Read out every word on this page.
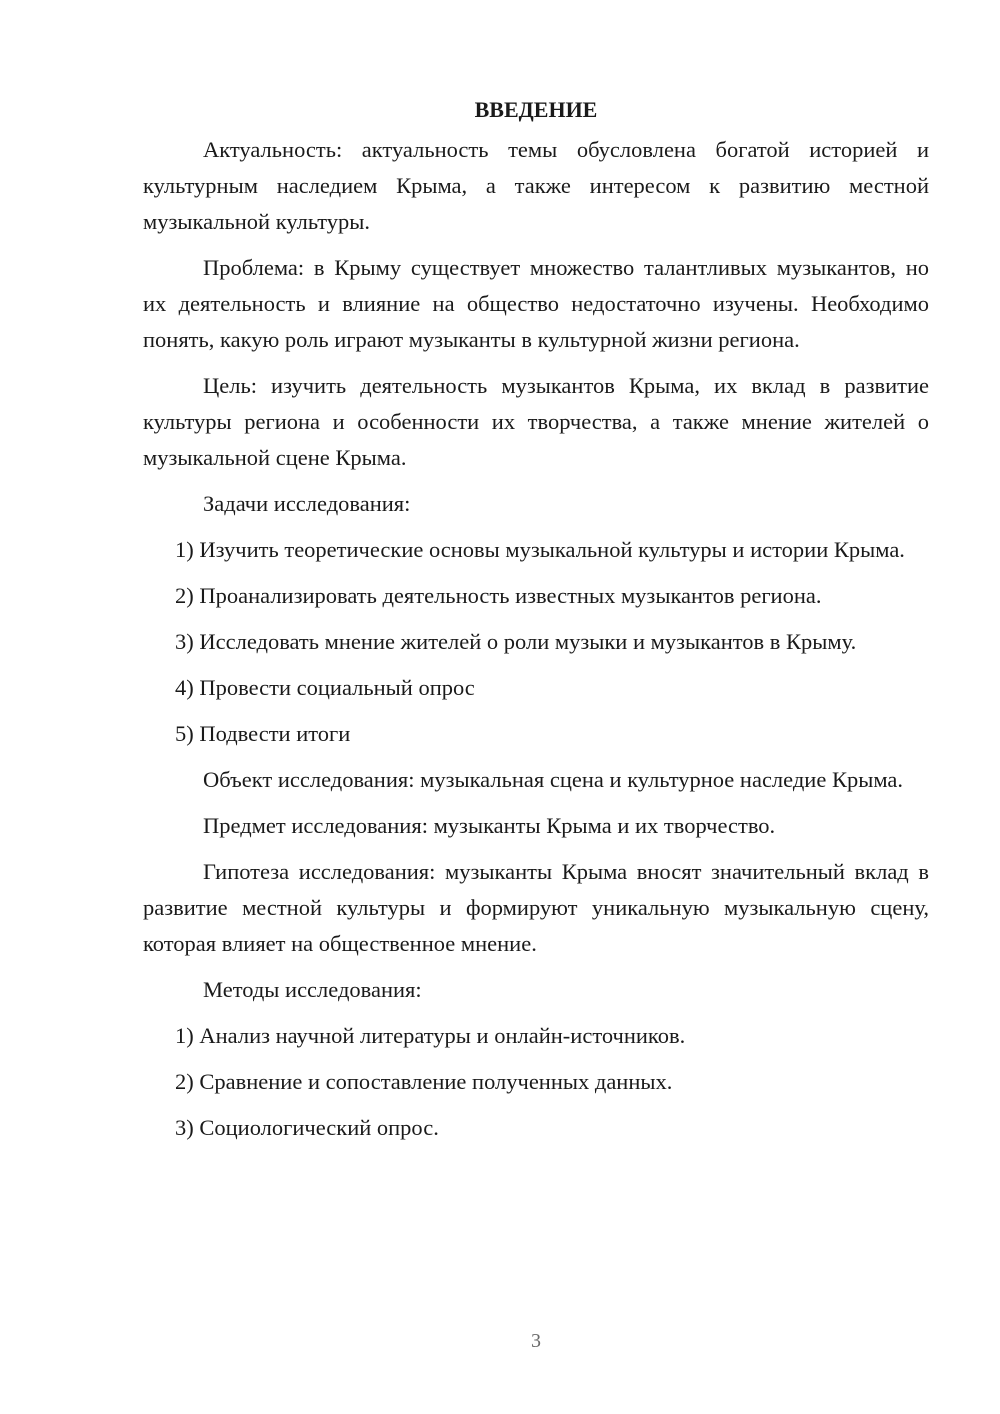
ВВЕДЕНИЕ

Актуальность: актуальность темы обусловлена богатой историей и культурным наследием Крыма, а также интересом к развитию местной музыкальной культуры.

Проблема: в Крыму существует множество талантливых музыкантов, но их деятельность и влияние на общество недостаточно изучены. Необходимо понять, какую роль играют музыканты в культурной жизни региона.

Цель: изучить деятельность музыкантов Крыма, их вклад в развитие культуры региона и особенности их творчества, а также мнение жителей о музыкальной сцене Крыма.

Задачи исследования:

1) Изучить теоретические основы музыкальной культуры и истории Крыма.

2) Проанализировать деятельность известных музыкантов региона.

3) Исследовать мнение жителей о роли музыки и музыкантов в Крыму.

4) Провести социальный опрос

5) Подвести итоги

Объект исследования: музыкальная сцена и культурное наследие Крыма.

Предмет исследования: музыканты Крыма и их творчество.

Гипотеза исследования: музыканты Крыма вносят значительный вклад в развитие местной культуры и формируют уникальную музыкальную сцену, которая влияет на общественное мнение.

Методы исследования:

1) Анализ научной литературы и онлайн-источников.

2) Сравнение и сопоставление полученных данных.

3) Социологический опрос.

3
